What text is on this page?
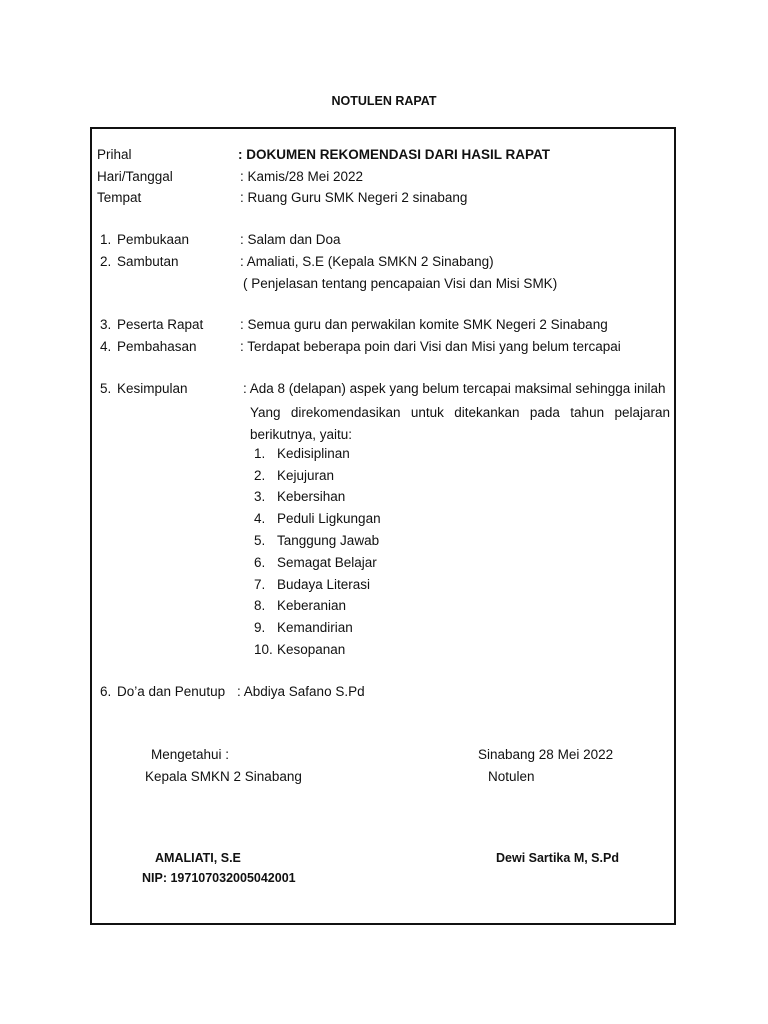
NOTULEN RAPAT
Prihal	: DOKUMEN REKOMENDASI DARI HASIL RAPAT
Hari/Tanggal	: Kamis/28 Mei 2022
Tempat	: Ruang Guru SMK Negeri 2 sinabang
1. Pembukaan	: Salam dan Doa
2. Sambutan	: Amaliati, S.E (Kepala SMKN 2 Sinabang)
( Penjelasan tentang pencapaian Visi dan Misi SMK)
3. Peserta Rapat	: Semua guru dan perwakilan komite SMK Negeri 2 Sinabang
4. Pembahasan	: Terdapat beberapa poin dari Visi dan Misi yang belum tercapai
5. Kesimpulan	: Ada 8 (delapan) aspek yang belum tercapai maksimal sehingga inilah
Yang direkomendasikan untuk ditekankan pada tahun pelajaran berikutnya, yaitu:
1. Kedisiplinan
2. Kejujuran
3. Kebersihan
4. Peduli Ligkungan
5. Tanggung Jawab
6. Semagat Belajar
7. Budaya Literasi
8. Keberanian
9. Kemandirian
10. Kesopanan
6. Do’a dan Penutup : Abdiya Safano S.Pd
Mengetahui :
Kepala SMKN 2 Sinabang
AMALIATI, S.E
NIP: 197107032005042001
Sinabang 28 Mei 2022
Notulen
Dewi Sartika M, S.Pd
